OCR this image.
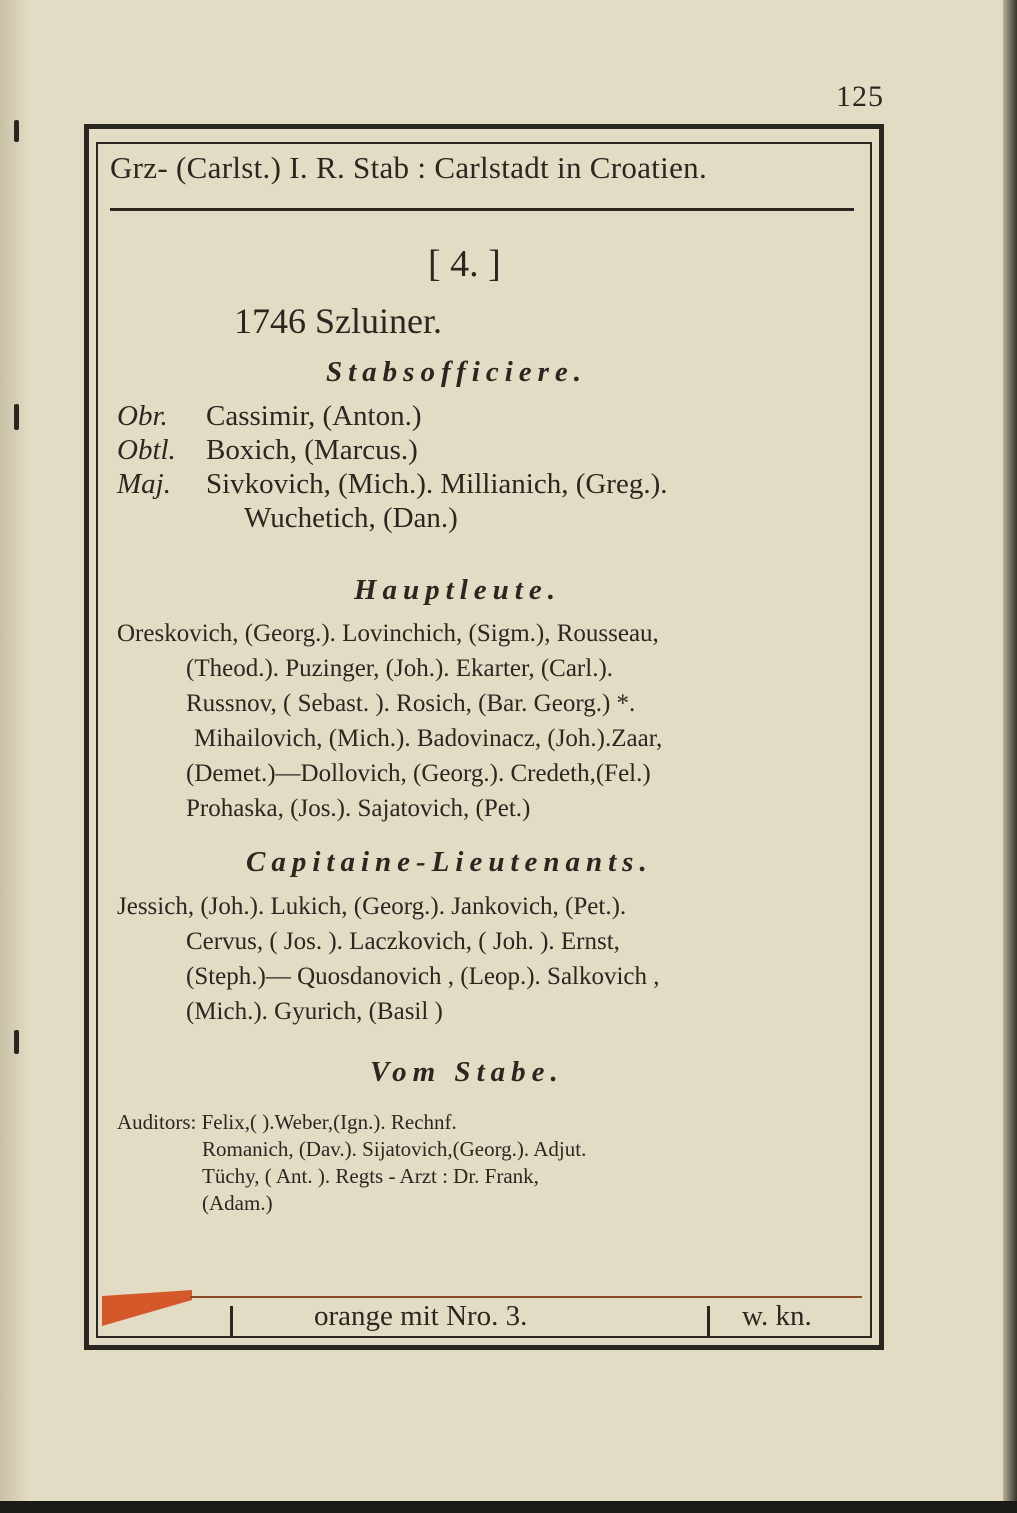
125
Grz- (Carlst.) I. R. Stab : Carlstadt in Croatien.
[ 4. ]
1746 Szluiner.
Stabsofficiere.
Obr. Cassimir, (Anton.)
Obtl. Boxich, (Marcus.)
Maj. Sivkovich, (Mich.). Millianich, (Greg.).
Wuchetich, (Dan.)
Hauptleute.
Oreskovich, (Georg.). Lovinchich, (Sigm.), Rousseau,
(Theod.). Puzinger, (Joh.). Ekarter, (Carl.).
Russnov, ( Sebast. ). Rosich, (Bar. Georg.) *.
Mihailovich, (Mich.). Badovinacz, (Joh.).Zaar,
(Demet.)—Dollovich, (Georg.). Credeth,(Fel.)
Prohaska, (Jos.). Sajatovich, (Pet.)
Capitaine-Lieutenants.
Jessich, (Joh.). Lukich, (Georg.). Jankovich, (Pet.).
Cervus, ( Jos. ). Laczkovich, ( Joh. ). Ernst,
(Steph.)— Quosdanovich , (Leop.). Salkovich ,
(Mich.). Gyurich, (Basil )
Vom Stabe.
Auditors: Felix,( ).Weber,(Ign.). Rechnf.
Romanich, (Dav.). Sijatovich,(Georg.). Adjut.
Tüchy, ( Ant. ). Regts - Arzt : Dr. Frank,
(Adam.)
orange mit Nro. 3.	w. kn.
